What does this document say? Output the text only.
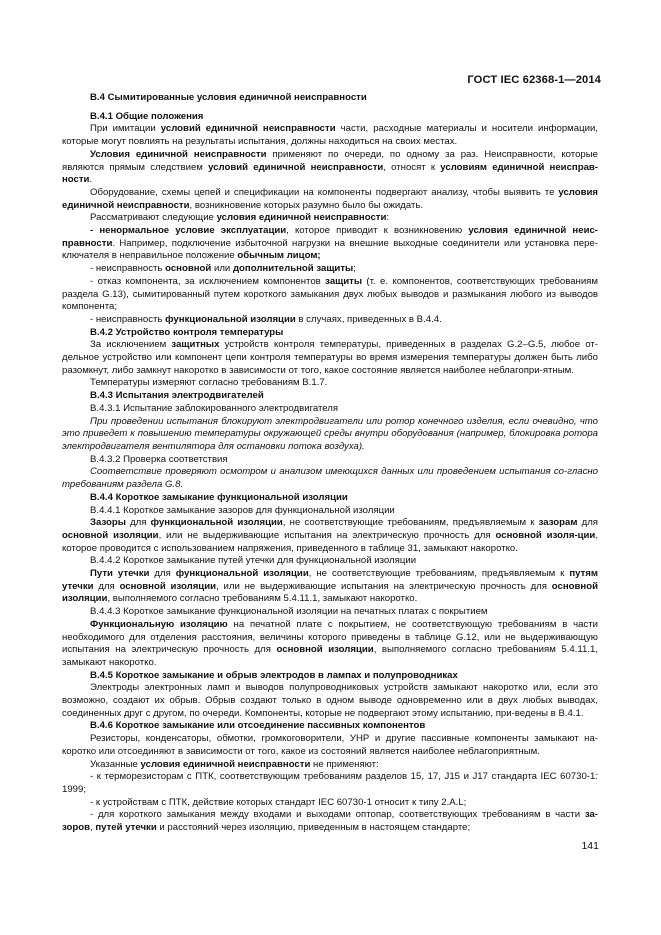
ГОСТ IEC 62368-1—2014

B.4 Сымитированные условия единичной неисправности

B.4.1 Общие положения

При имитации условий единичной неисправности части, расходные материалы и носители информации, которые могут повлиять на результаты испытания, должны находиться на своих местах.

Условия единичной неисправности применяют по очереди, по одному за раз. Неисправности, которые являются прямым следствием условий единичной неисправности, относят к условиям единичной неисправ-ности.

Оборудование, схемы цепей и спецификации на компоненты подвергают анализу, чтобы выявить те условия единичной неисправности, возникновение которых разумно было бы ожидать.

Рассматривают следующие условия единичной неисправности:

- ненормальное условие эксплуатации, которое приводит к возникновению условия единичной неис-правности. Например, подключение избыточной нагрузки на внешние выходные соединители или установка пере-ключателя в неправильное положение обычным лицом;

- неисправность основной или дополнительной защиты;

- отказ компонента, за исключением компонентов защиты (т. е. компонентов, соответствующих требованиям раздела G.13), сымитированный путем короткого замыкания двух любых выводов и размыкания любого из выводов компонента;

- неисправность функциональной изоляции в случаях, приведенных в B.4.4.

B.4.2 Устройство контроля температуры

За исключением защитных устройств контроля температуры, приведенных в разделах G.2–G.5, любое от-дельное устройство или компонент цепи контроля температуры во время измерения температуры должен быть либо разомкнут, либо замкнут накоротко в зависимости от того, какое состояние является наиболее неблагопри-ятным.

Температуры измеряют согласно требованиям B.1.7.

B.4.3 Испытания электродвигателей

B.4.3.1 Испытание заблокированного электродвигателя

При проведении испытания блокируют электродвигатели или ротор конечного изделия, если очевидно, что это приведет к повышению температуры окружающей среды внутри оборудования (например, блокировка ротора электродвигателя вентилятора для остановки потока воздуха).

B.4.3.2 Проверка соответствия

Соответствие проверяют осмотром и анализом имеющихся данных или проведением испытания со-гласно требованиям раздела G.8.

B.4.4 Короткое замыкание функциональной изоляции

B.4.4.1 Короткое замыкание зазоров для функциональной изоляции

Зазоры для функциональной изоляции, не соответствующие требованиям, предъявляемым к зазорам для основной изоляции, или не выдерживающие испытания на электрическую прочность для основной изоля-ции, которое проводится с использованием напряжения, приведенного в таблице 31, замыкают накоротко.

B.4.4.2 Короткое замыкание путей утечки для функциональной изоляции

Пути утечки для функциональной изоляции, не соответствующие требованиям, предъявляемым к путям утечки для основной изоляции, или не выдерживающие испытания на электрическую прочность для основной изоляции, выполняемого согласно требованиям 5.4.11.1, замыкают накоротко.

B.4.4.3 Короткое замыкание функциональной изоляции на печатных платах с покрытием

Функциональную изоляцию на печатной плате с покрытием, не соответствующую требованиям в части необходимого для отделения расстояния, величины которого приведены в таблице G.12, или не выдерживающую испытания на электрическую прочность для основной изоляции, выполняемого согласно требованиям 5.4.11.1, замыкают накоротко.

B.4.5 Короткое замыкание и обрыв электродов в лампах и полупроводниках

Электроды электронных ламп и выводов полупроводниковых устройств замыкают накоротко или, если это возможно, создают их обрыв. Обрыв создают только в одном выводе одновременно или в двух любых выводах, соединенных друг с другом, по очереди. Компоненты, которые не подвергают этому испытанию, при-ведены в B.4.1.

B.4.6 Короткое замыкание или отсоединение пассивных компонентов

Резисторы, конденсаторы, обмотки, громкоговорители, УНР и другие пассивные компоненты замыкают на-коротко или отсоединяют в зависимости от того, какое из состояний является наиболее неблагоприятным.

Указанные условия единичной неисправности не применяют:

- к терморезисторам с ПТК, соответствующим требованиям разделов 15, 17, J15 и J17 стандарта IEC 60730-1: 1999;

- к устройствам с ПТК, действие которых стандарт IEC 60730-1 относит к типу 2.A.L;

- для короткого замыкания между входами и выходами оптопар, соответствующих требованиям в части за-зоров, путей утечки и расстояний через изоляцию, приведенным в настоящем стандарте;

141
